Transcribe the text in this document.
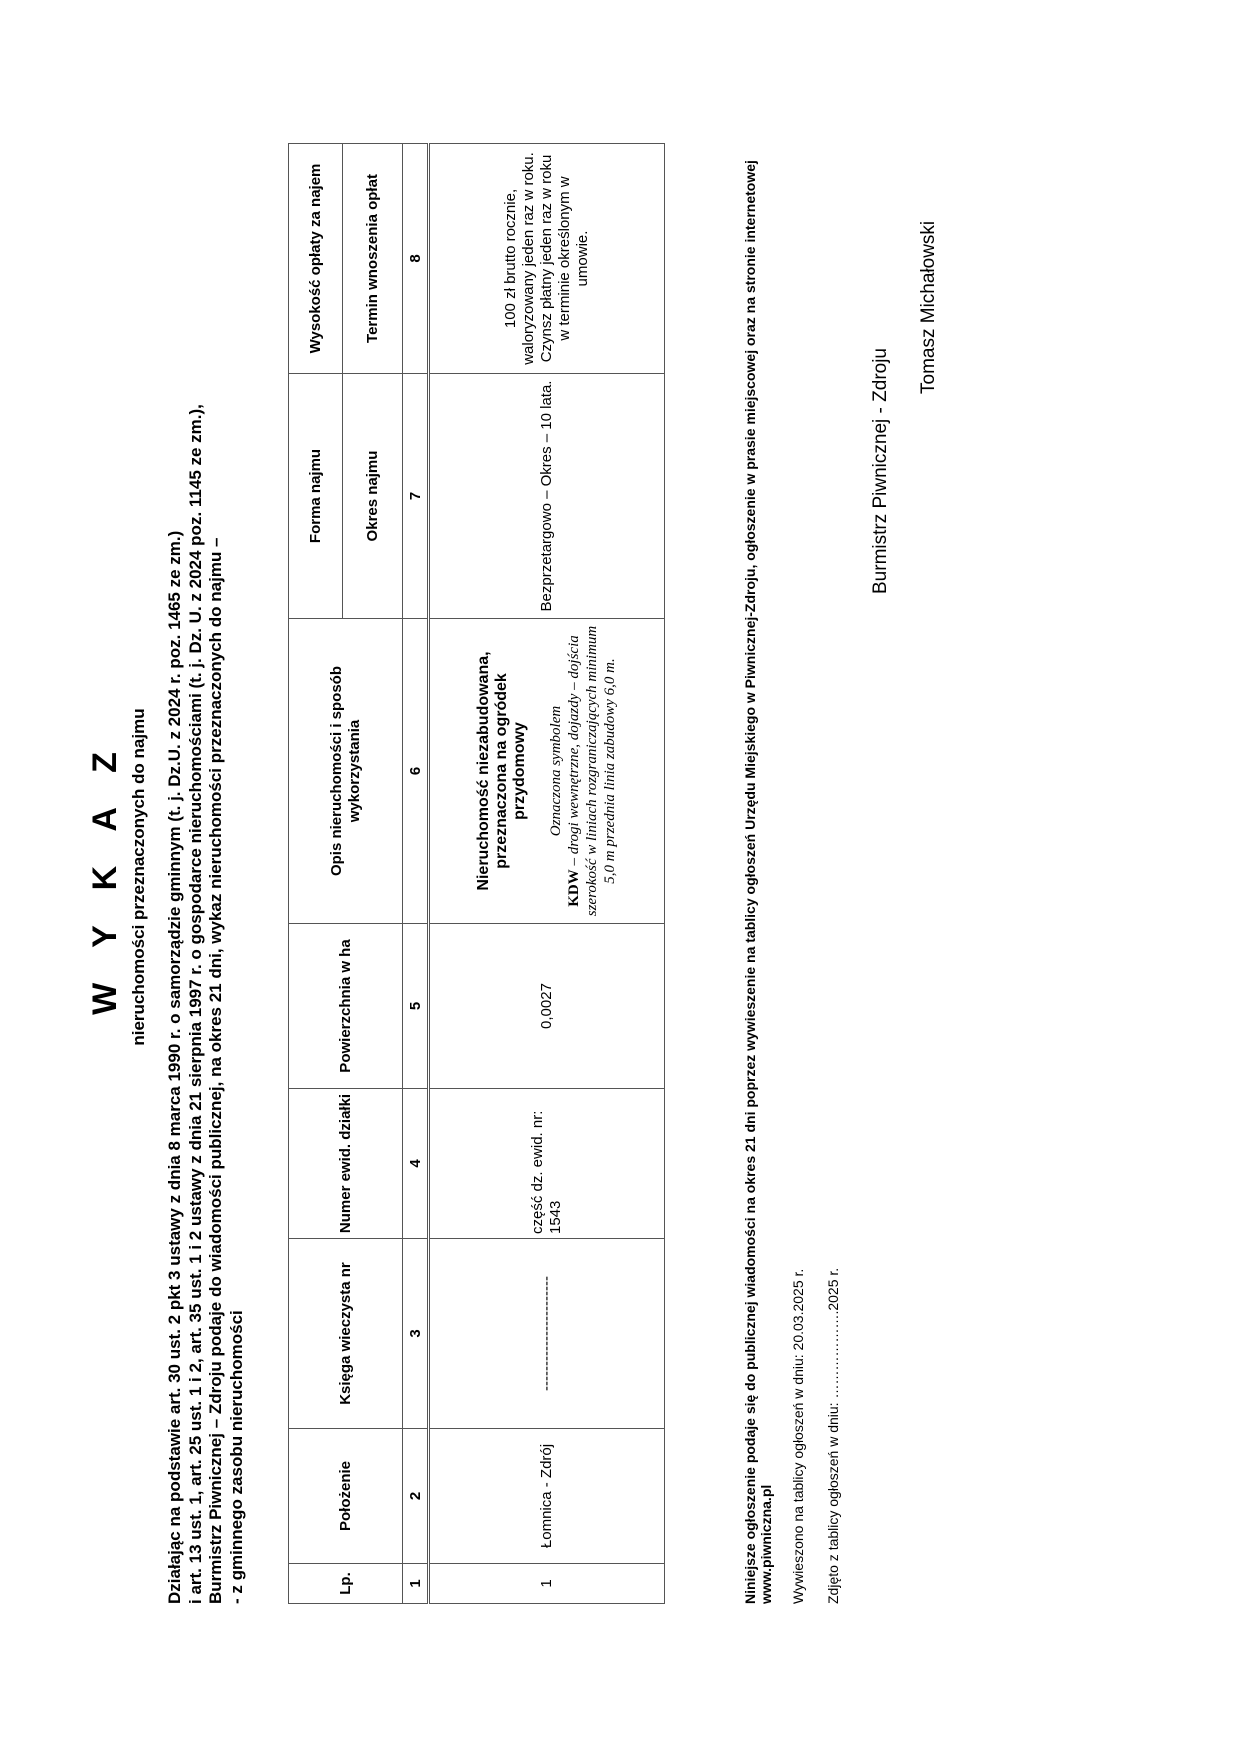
W Y K A Z nieruchomości przeznaczonych do najmu Działając na podstawie art. 30 ust. 2 pkt 3 ustawy z dnia 8 marca 1990 r. o samorządzie gminnym (t. j. Dz.U. z 2024 r. poz. 1465 ze zm.) i art. 13 ust. 1, art. 25 ust. 1 i 2, art. 35 ust. 1 i 2 ustawy z dnia 21 sierpnia 1997 r. o gospodarce nieruchomościami (t. j. Dz. U. z 2024 poz. 1145 ze zm.), Burmistrz Piwnicznej – Zdroju podaje do wiadomości publicznej, na okres 21 dni, wykaz nieruchomości przeznaczonych do najmu – - z gminnego zasobu nieruchomości	Lp.	Położenie	Księga wieczysta nr	Numer ewid. działki	Powierzchnia w ha	Opis nieruchomości i sposób wykorzystania	Forma najmu	Wysokość opłaty za najem
						Okres najmu	Termin wnoszenia opłat
1	2	3	4	5	6	7	8
1	Łomnica - Zdrój	-----------------------	część dz. ewid. nr: 1543	0,0027	Nieruchomość niezabudowana, przeznaczona na ogródek przydomowy Oznaczona symbolem
KDW – drogi wewnętrzne, dojazdy – dojścia szerokość w liniach rozgraniczających minimum 5,0 m przednia linia zabudowy 6,0 m.	Bezprzetargowo – Okres – 10 lata.	100 zł brutto rocznie, waloryzowany jeden raz w roku. Czynsz płatny jeden raz w roku w terminie określonym w umowie.	Niniejsze ogłoszenie podaje się do publicznej wiadomości na okres 21 dni poprzez wywieszenie na tablicy ogłoszeń Urzędu Miejskiego w Piwnicznej-Zdroju, ogłoszenie w prasie miejscowej oraz na stronie internetowej www.piwniczna.pl Wywieszono na tablicy ogłoszeń w dniu: 20.03.2025 r. Zdjęto z tablicy ogłoszeń w dniu: ……………….2025 r.
Burmistrz Piwnicznej - Zdroju
Tomasz Michałowski
